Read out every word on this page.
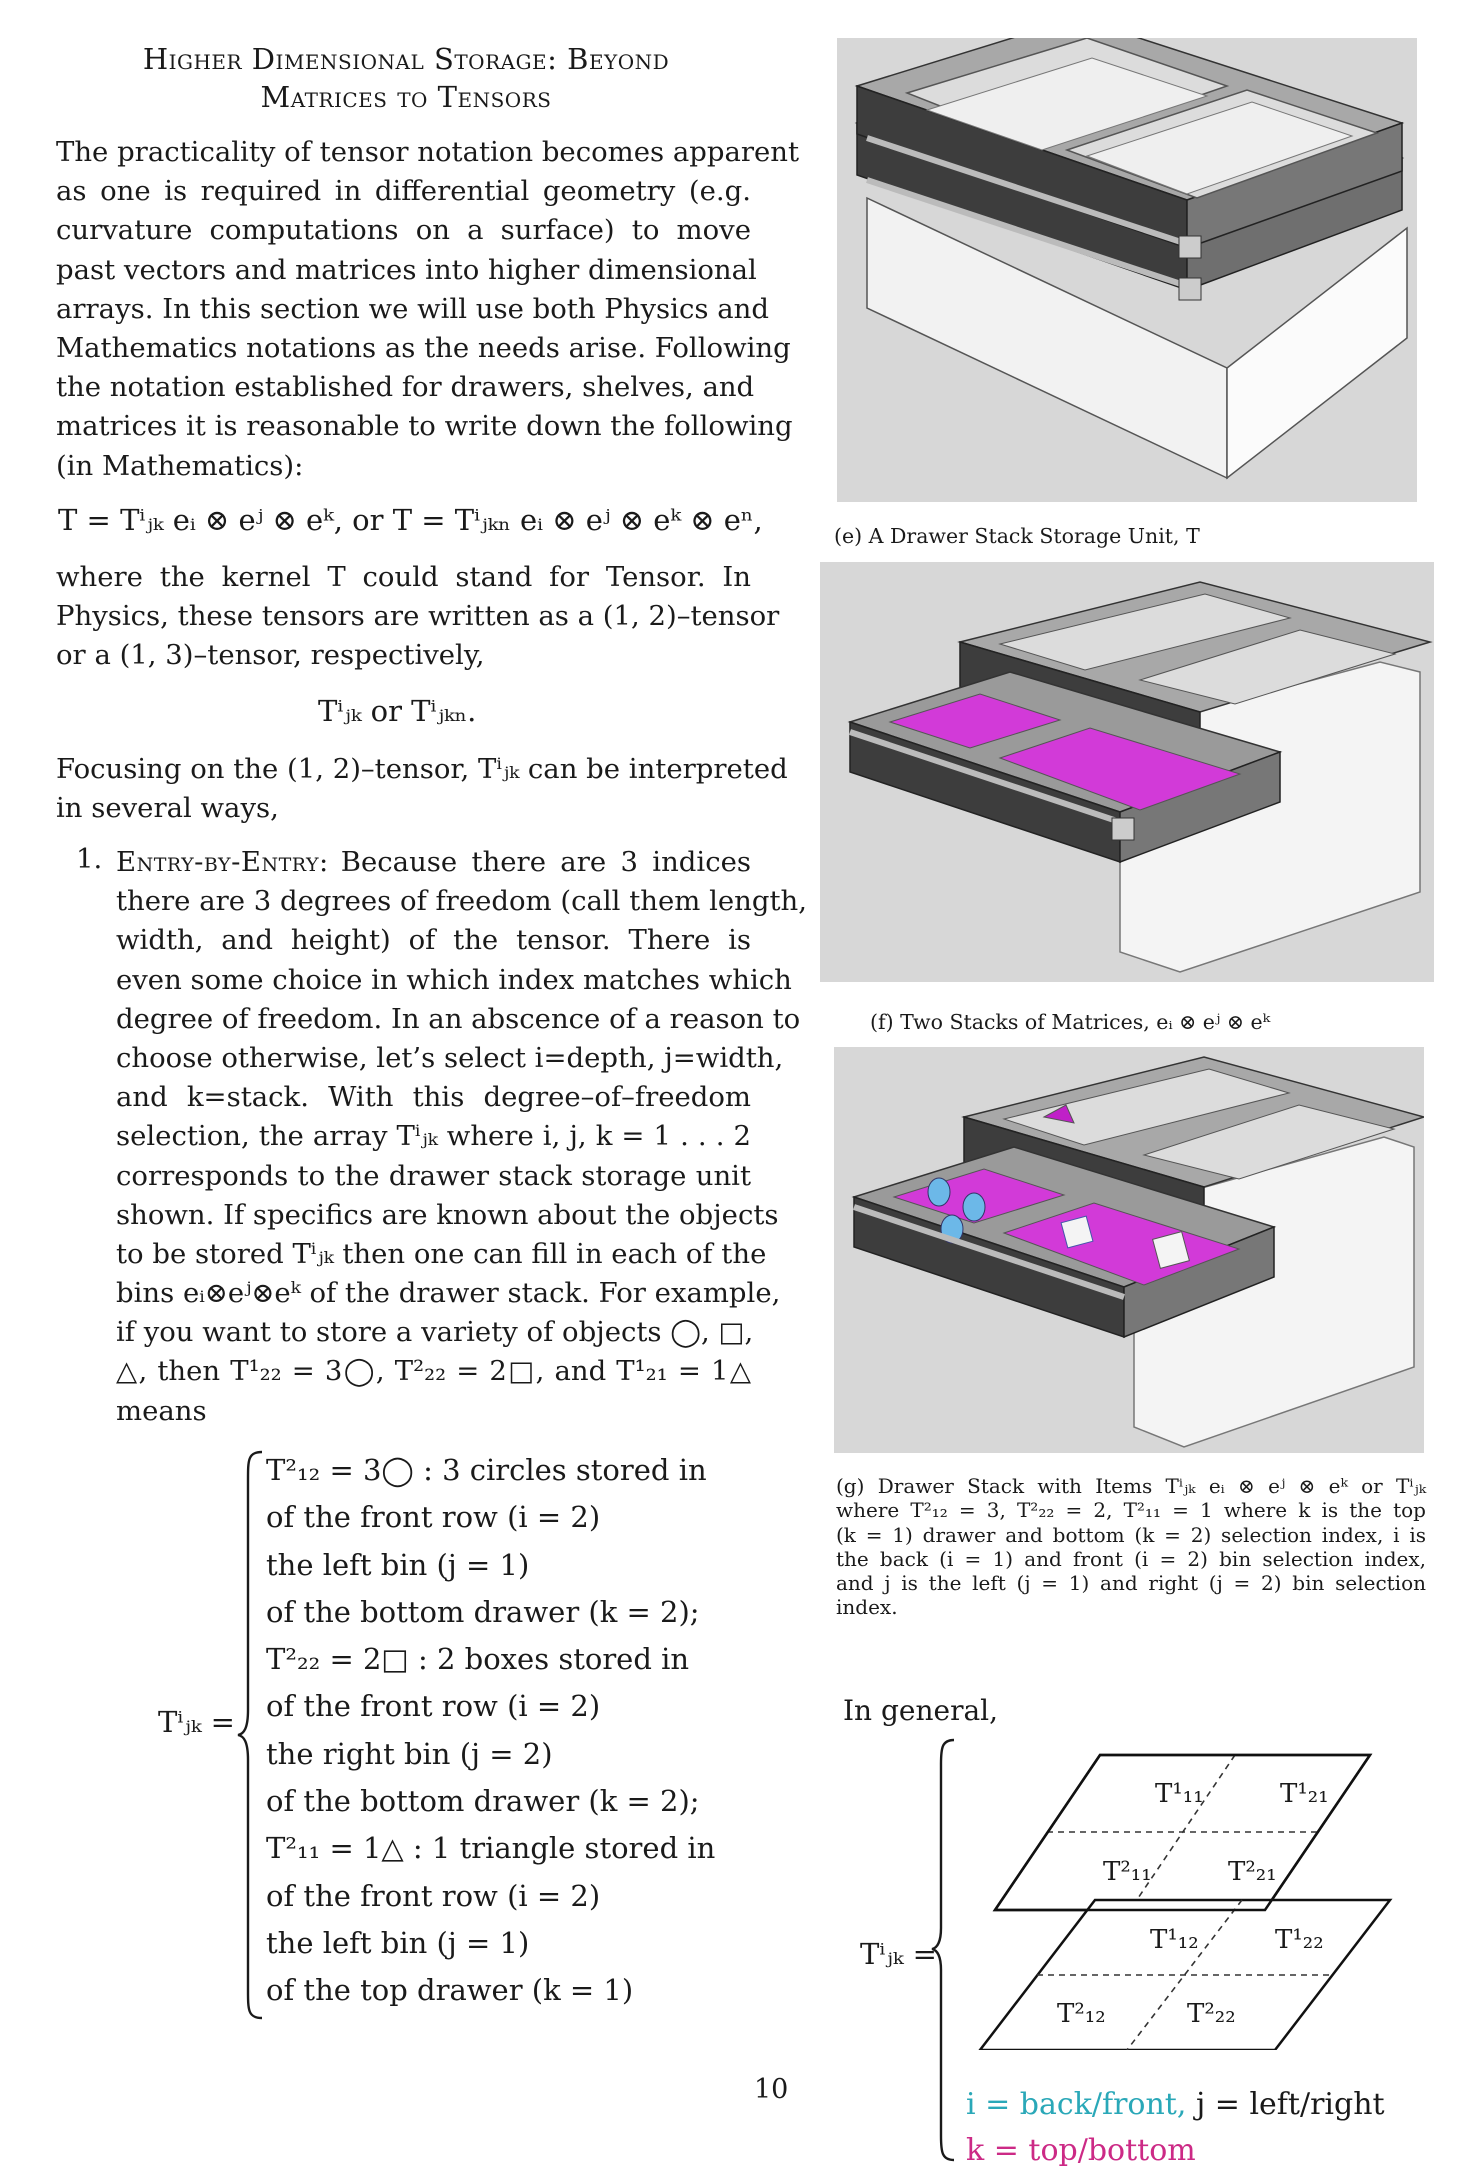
Higher Dimensional Storage: Beyond
Matrices to Tensors
The practicality of tensor notation becomes apparent
as one is required in differential geometry (e.g.
curvature computations on a surface) to move
past vectors and matrices into higher dimensional
arrays. In this section we will use both Physics and
Mathematics notations as the needs arise. Following
the notation established for drawers, shelves, and
matrices it is reasonable to write down the following
(in Mathematics):
T = Tⁱⱼₖ eᵢ ⊗ eʲ ⊗ eᵏ, or T = Tⁱⱼₖₙ eᵢ ⊗ eʲ ⊗ eᵏ ⊗ eⁿ,
where the kernel T could stand for Tensor. In
Physics, these tensors are written as a (1, 2)–tensor
or a (1, 3)–tensor, respectively,
Tⁱⱼₖ or Tⁱⱼₖₙ.
Focusing on the (1, 2)–tensor, Tⁱⱼₖ can be interpreted
in several ways,
1. Entry-by-Entry: Because there are 3 indices
there are 3 degrees of freedom (call them length,
width, and height) of the tensor. There is
even some choice in which index matches which
degree of freedom. In an abscence of a reason to
choose otherwise, let’s select i=depth, j=width,
and k=stack. With this degree–of–freedom
selection, the array Tⁱⱼₖ where i, j, k = 1 . . . 2
corresponds to the drawer stack storage unit
shown. If specifics are known about the objects
to be stored Tⁱⱼₖ then one can fill in each of the
bins eᵢ⊗eʲ⊗eᵏ of the drawer stack. For example,
if you want to store a variety of objects ◯, □,
△, then T¹₂₂ = 3◯, T²₂₂ = 2□, and T¹₂₁ = 1△
means
Tⁱⱼₖ =
T²₁₂ = 3◯ : 3 circles stored in
of the front row (i = 2)
the left bin (j = 1)
of the bottom drawer (k = 2);
T²₂₂ = 2□ : 2 boxes stored in
of the front row (i = 2)
the right bin (j = 2)
of the bottom drawer (k = 2);
T²₁₁ = 1△ : 1 triangle stored in
of the front row (i = 2)
the left bin (j = 1)
of the top drawer (k = 1)
10
(e) A Drawer Stack Storage Unit, T
(f) Two Stacks of Matrices, eᵢ ⊗ eʲ ⊗ eᵏ
(g) Drawer Stack with Items Tⁱⱼₖ eᵢ ⊗ eʲ ⊗ eᵏ or Tⁱⱼₖ
where T²₁₂ = 3, T²₂₂ = 2, T²₁₁ = 1 where k is the top
(k = 1) drawer and bottom (k = 2) selection index, i is
the back (i = 1) and front (i = 2) bin selection index,
and j is the left (j = 1) and right (j = 2) bin selection
index.
In general,
Tⁱⱼₖ =
T¹₁₁	T¹₂₁
T²₁₁	T²₂₁
T¹₁₂	T¹₂₂
T²₁₂	T²₂₂
i = back/front, j = left/right
k = top/bottom
